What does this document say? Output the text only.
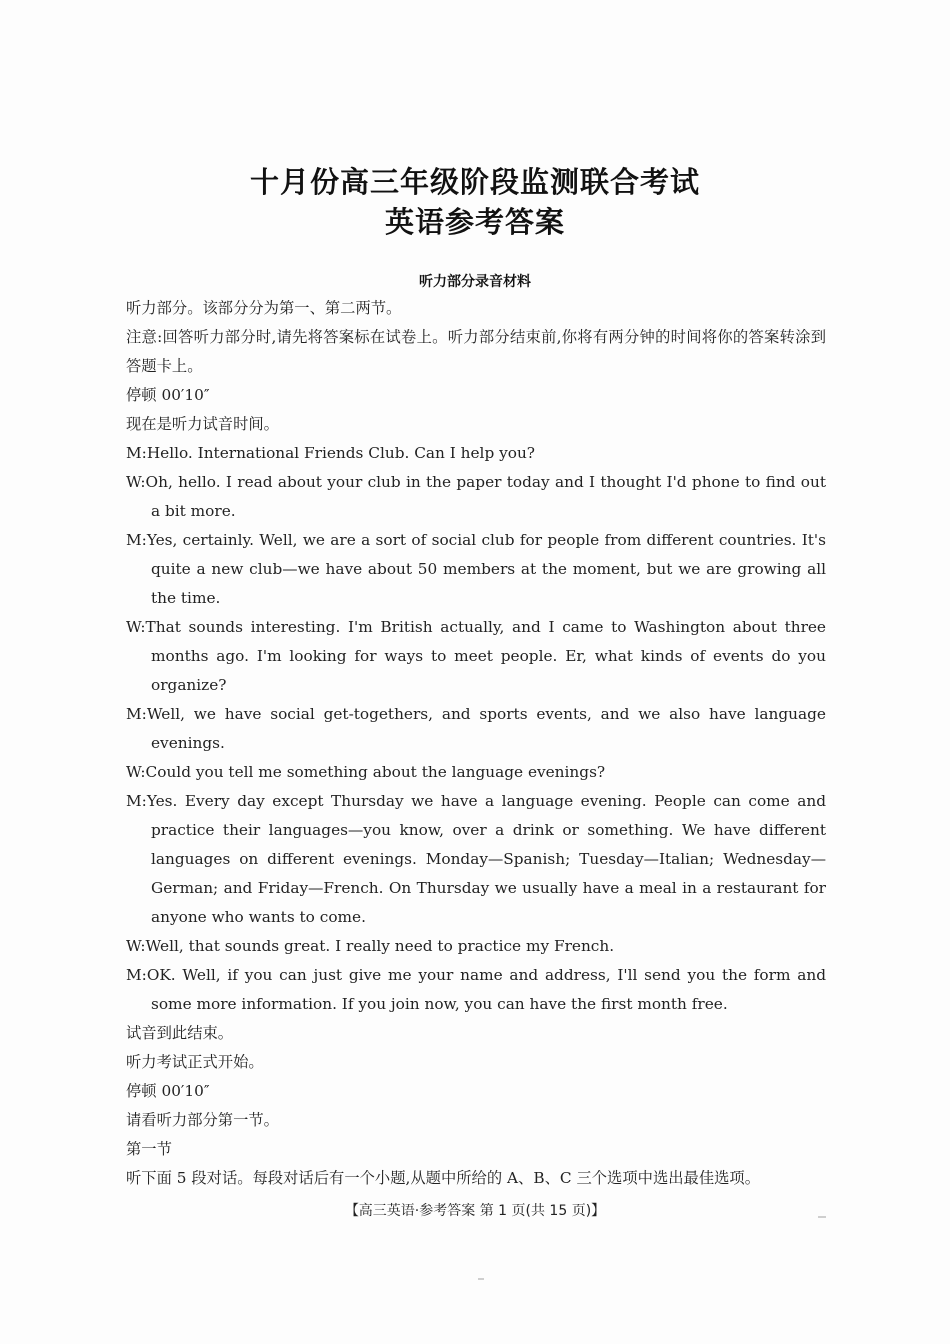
十月份高三年级阶段监测联合考试
英语参考答案
听力部分录音材料
听力部分。该部分分为第一、第二两节。
注意:回答听力部分时,请先将答案标在试卷上。听力部分结束前,你将有两分钟的时间将你的答案转涂到答题卡上。
停顿 00′10″
现在是听力试音时间。
M:Hello. International Friends Club. Can I help you?
W:Oh, hello. I read about your club in the paper today and I thought I'd phone to find out a bit more.
M:Yes, certainly. Well, we are a sort of social club for people from different countries. It's quite a new club—we have about 50 members at the moment, but we are growing all the time.
W:That sounds interesting. I'm British actually, and I came to Washington about three months ago. I'm looking for ways to meet people. Er, what kinds of events do you organize?
M:Well, we have social get-togethers, and sports events, and we also have language evenings.
W:Could you tell me something about the language evenings?
M:Yes. Every day except Thursday we have a language evening. People can come and practice their languages—you know, over a drink or something. We have different languages on different evenings. Monday—Spanish; Tuesday—Italian; Wednesday—German; and Friday—French. On Thursday we usually have a meal in a restaurant for anyone who wants to come.
W:Well, that sounds great. I really need to practice my French.
M:OK. Well, if you can just give me your name and address, I'll send you the form and some more information. If you join now, you can have the first month free.
试音到此结束。
听力考试正式开始。
停顿 00′10″
请看听力部分第一节。
第一节
听下面 5 段对话。每段对话后有一个小题,从题中所给的 A、B、C 三个选项中选出最佳选项。
【高三英语·参考答案 第 1 页(共 15 页)】
